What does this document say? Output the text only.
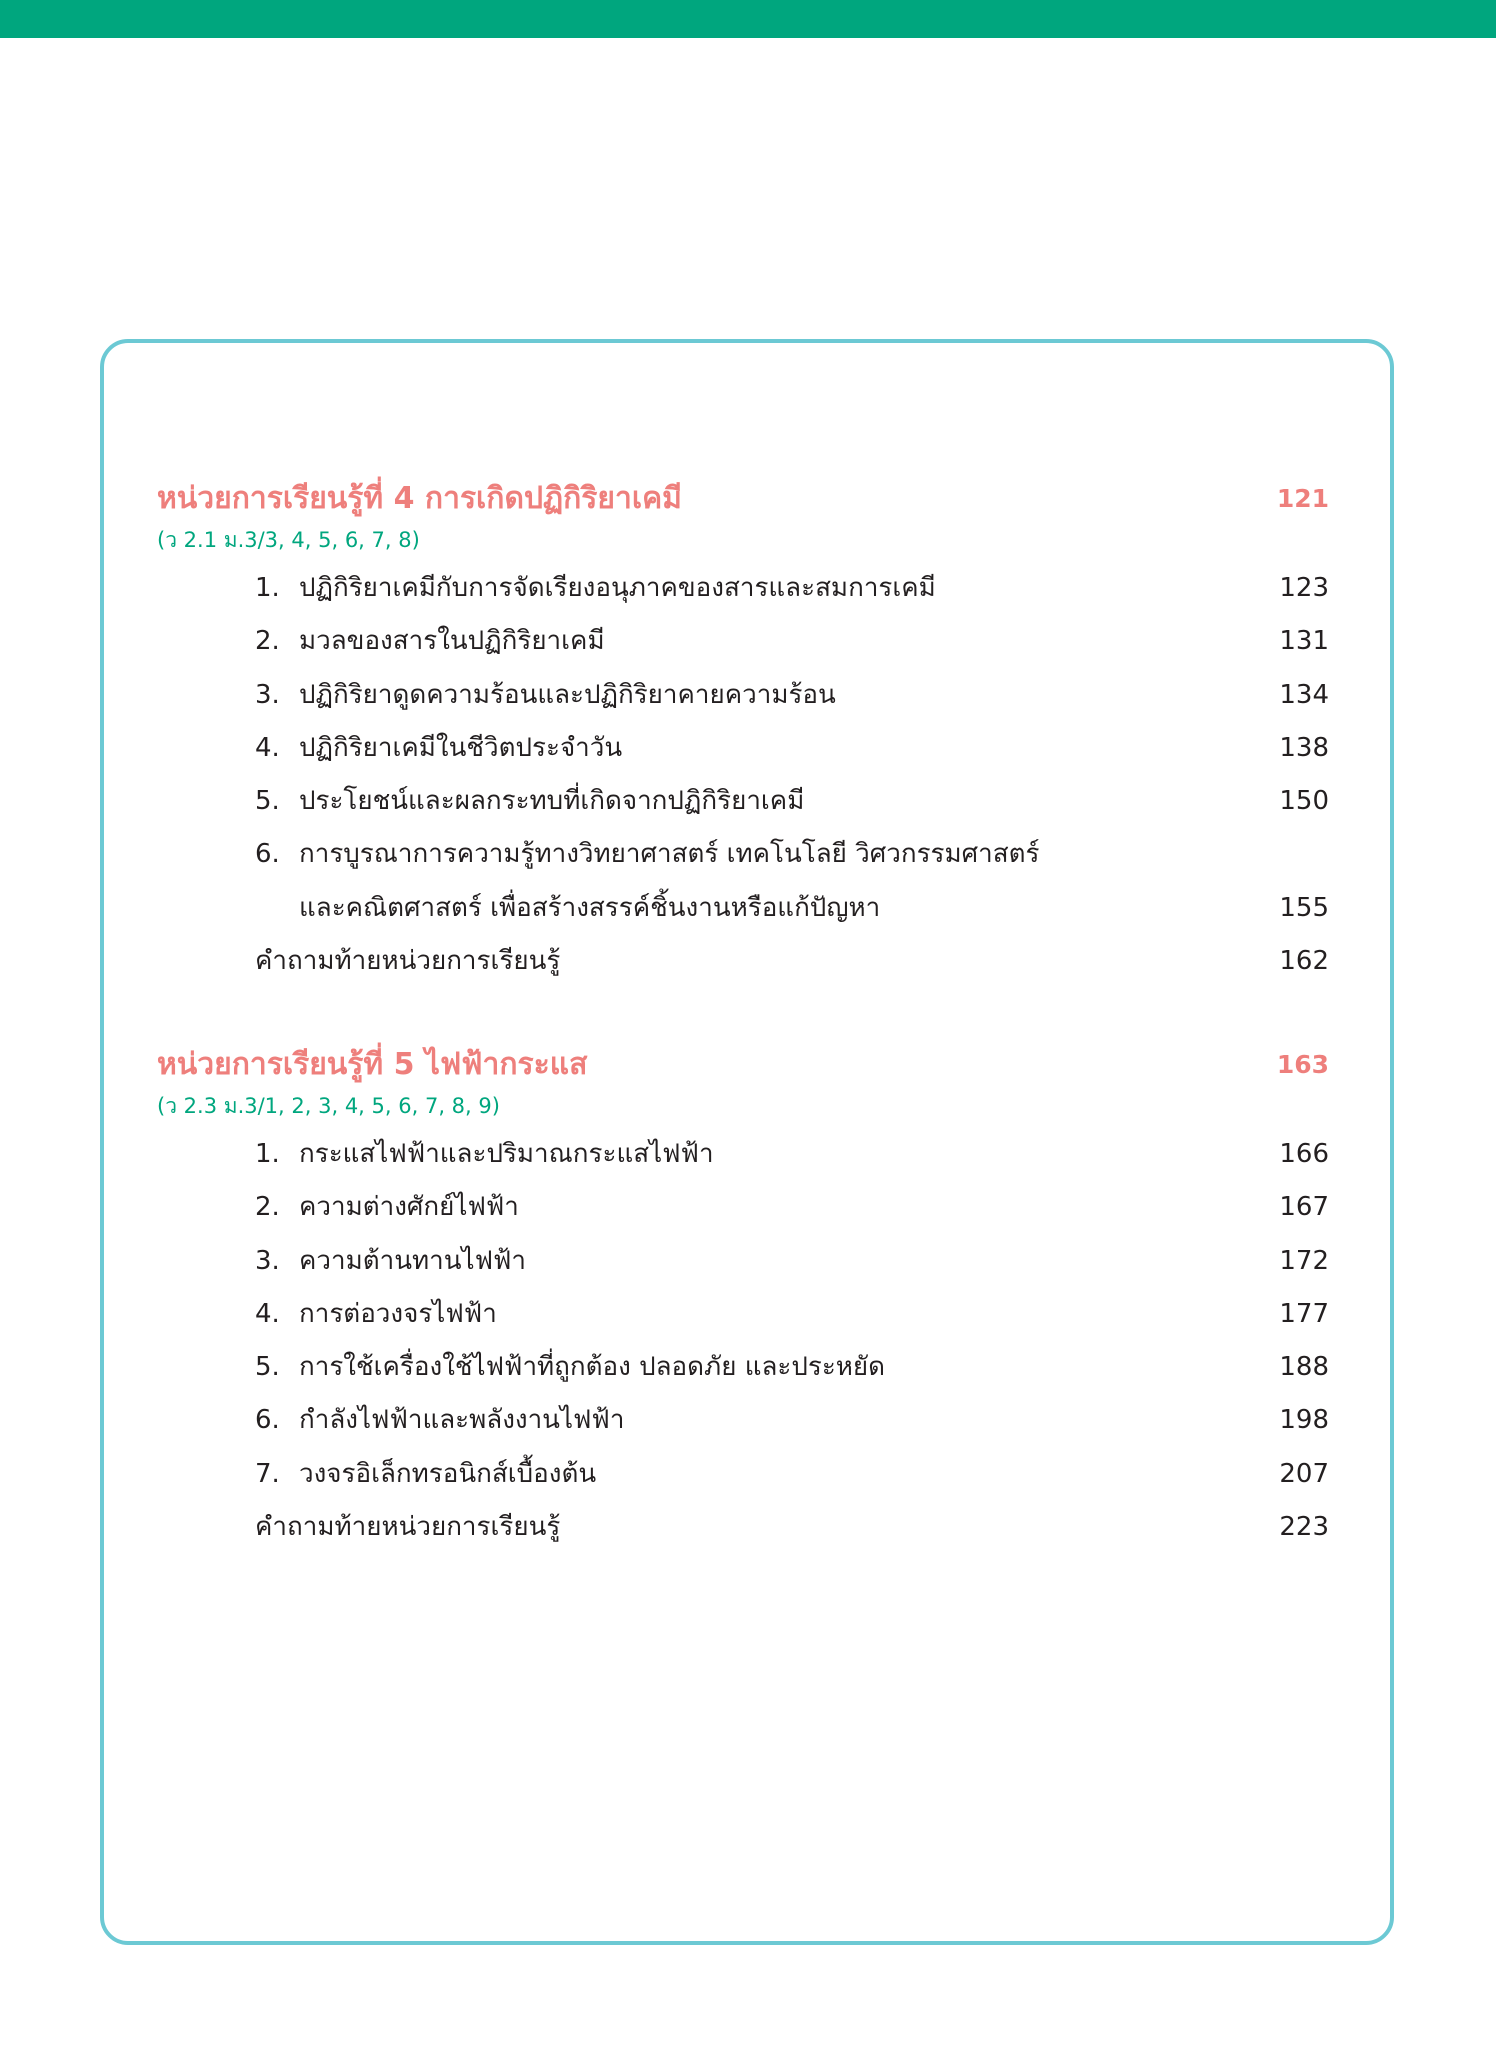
หน่วยการเรียนรู้ที่ 4 การเกิดปฏิกิริยาเคมี	121
(ว 2.1 ม.3/3, 4, 5, 6, 7, 8)
1. ปฏิกิริยาเคมีกับการจัดเรียงอนุภาคของสารและสมการเคมี	123
2. มวลของสารในปฏิกิริยาเคมี	131
3. ปฏิกิริยาดูดความร้อนและปฏิกิริยาคายความร้อน	134
4. ปฏิกิริยาเคมีในชีวิตประจำวัน	138
5. ประโยชน์และผลกระทบที่เกิดจากปฏิกิริยาเคมี	150
6. การบูรณาการความรู้ทางวิทยาศาสตร์ เทคโนโลยี วิศวกรรมศาสตร์
และคณิตศาสตร์ เพื่อสร้างสรรค์ชิ้นงานหรือแก้ปัญหา	155
คำถามท้ายหน่วยการเรียนรู้	162
หน่วยการเรียนรู้ที่ 5 ไฟฟ้ากระแส	163
(ว 2.3 ม.3/1, 2, 3, 4, 5, 6, 7, 8, 9)
1. กระแสไฟฟ้าและปริมาณกระแสไฟฟ้า	166
2. ความต่างศักย์ไฟฟ้า	167
3. ความต้านทานไฟฟ้า	172
4. การต่อวงจรไฟฟ้า	177
5. การใช้เครื่องใช้ไฟฟ้าที่ถูกต้อง ปลอดภัย และประหยัด	188
6. กำลังไฟฟ้าและพลังงานไฟฟ้า	198
7. วงจรอิเล็กทรอนิกส์เบื้องต้น	207
คำถามท้ายหน่วยการเรียนรู้	223
